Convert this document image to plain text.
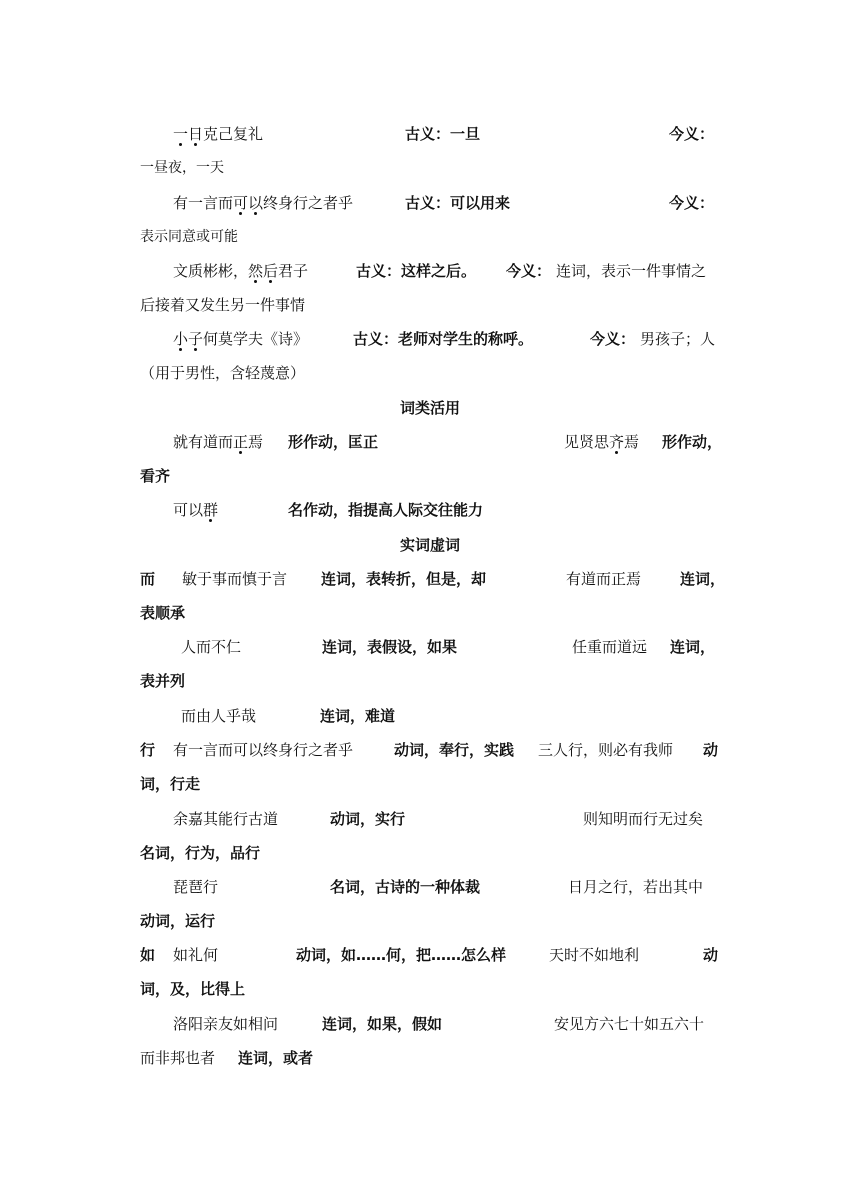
一日克己复礼	古义：一旦	今义：
一昼夜，一天
有一言而可以终身行之者乎	古义：可以用来	今义：
表示同意或可能
文质彬彬，然后君子	古义：这样之后。 今义： 连词，表示一件事情之
后接着又发生另一件事情
小子何莫学夫《诗》	古义：老师对学生的称呼。	今义： 男孩子；人
（用于男性，含轻蔑意）
词类活用
就有道而正焉 形作动，匡正	见贤思齐焉 形作动，
看齐
可以群	名作动，指提高人际交往能力
实词虚词
而 敏于事而慎于言 连词，表转折，但是，却	有道而正焉	连词，
表顺承
人而不仁	连词，表假设，如果	任重而道远 连词，
表并列
而由人乎哉	连词，难道
行 有一言而可以终身行之者乎	动词，奉行，实践 三人行，则必有我师 动
词，行走
余嘉其能行古道	动词，实行	则知明而行无过矣
名词，行为，品行
琵琶行	名词，古诗的一种体裁	日月之行，若出其中
动词，运行
如 如礼何	动词，如……何，把……怎么样	天时不如地利	动
词，及，比得上
洛阳亲友如相问	连词，如果，假如	安见方六七十如五六十
而非邦也者 连词，或者
